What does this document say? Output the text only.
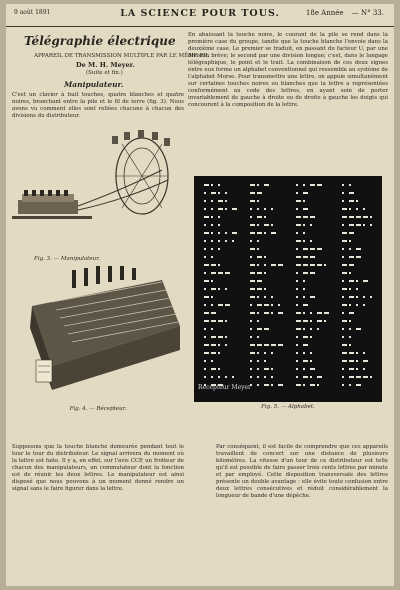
9 août 1891	LA SCIENCE POUR TOUS.	18e Année — N° 33.
Télégraphie électrique
APPAREIL DE TRANSMISSION MULTIPLE PAR LE MÊME FIL
De M. H. Meyer.
(Suite et fin.)
Manipulateur.
C'est un clavier à huit touches, quatre blanches et quatre noires, branchant entre la pile et le fil de terre (fig. 3). Nous avons vu comment elles sont reliées chacune à chacun des divisions du distributeur.
Fig. 3. — Manipulateur.
Fig. 4. — Récepteur.
En abaissant la touche noire, le courant de la pile se rend dans la première case du groupe, tandis que la touche blanche l'envoie dans la deuxième case. Le premier se traduit, en passant du facteur U, par une division brève; le second par une division longue; c'est, dans le langage télégraphique, le point et le trait. La combinaison de ces deux signes entre eux forme un alphabet conventionnel qui ressemble au système de l'alphabet Morse. Pour transmettre une lettre, on appuie simultanément sur certaines touches noires ou blanches que la lettre a représentées conformément au code des lettres, en ayant soin de porter invariablement de gauche à droite ou de droite à gauche les doigts qui concourent à la composition de la lettre.
Récepteur Meyer
Fig. 5. — Alphabet.
Supposons que la touche blanche demeurée pendant tout le tour le tour du distributeur. Le signal arrivera du moment où la lettre est faite. Il y a, en effet, sur l'avis CCP, un frotteur de chacun des manipulateurs, un commutateur dont la fonction est de réunir les deux lettres. Le manipulateur est ainsi disposé que nous pouvons à un moment donné rendre un signal sans le faire figurer dans la lettre.
Par conséquent, il est facile de comprendre que ces appareils travaillent de concert sur une distance de plusieurs kilomètres. La vitesse d'un tour de ce distributeur est telle qu'il est possible de faire passer trois cents lettres par minute et par employé. Cette disposition transversale des lettres présente un double avantage : elle évite toute confusion entre deux lettres consécutives et réduit considérablement la longueur de bande d'une dépêche.
